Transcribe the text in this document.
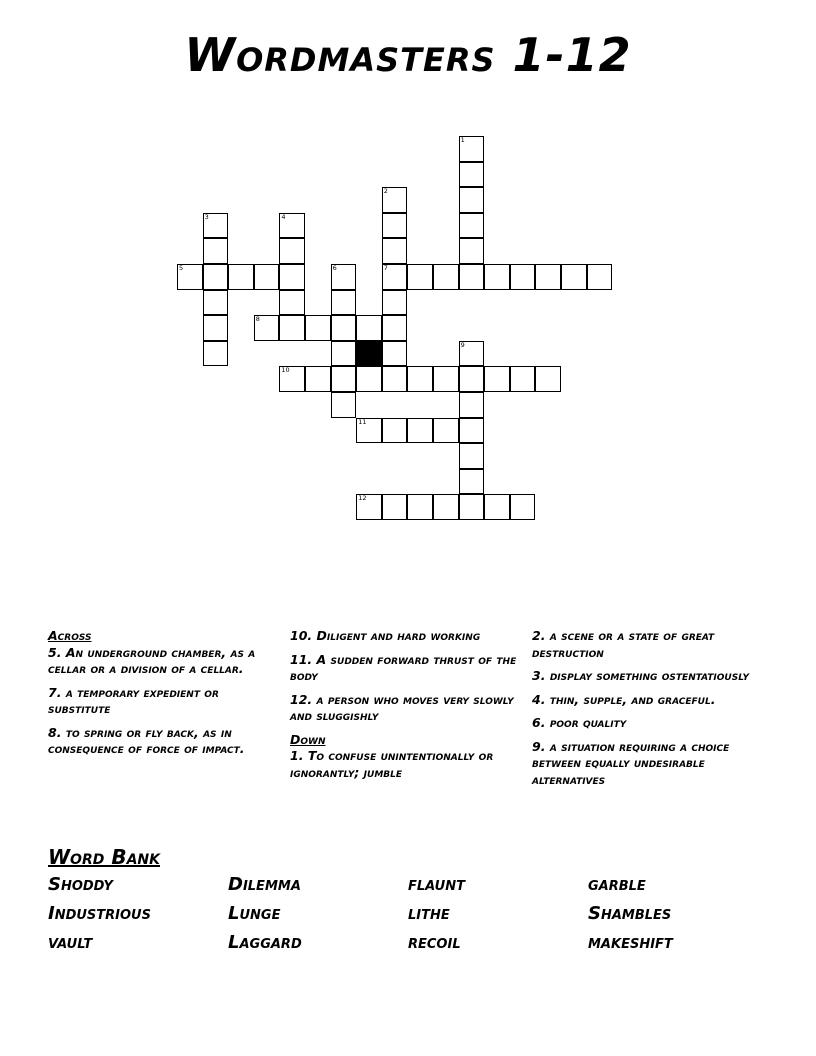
Wordmasters 1-12
1
2
7
3	4
5	6
8
9
10
11
12
Across
5. An underground chamber, as a cellar or a division of a cellar.
7. a temporary expedient or substitute
8. to spring or fly back, as in consequence of force of impact.
10. Diligent and hard working
11. A sudden forward thrust of the body
12. a person who moves very slowly and sluggishly
Down
1. To confuse unintentionally or ignorantly; jumble
2. a scene or a state of great destruction
3. display something ostentatiously
4. thin, supple, and graceful.
6. poor quality
9. a situation requiring a choice between equally undesirable alternatives
Word Bank
Shoddy	Dilemma	flaunt	garble
Industrious	Lunge	lithe	Shambles
vault	Laggard	recoil	makeshift
